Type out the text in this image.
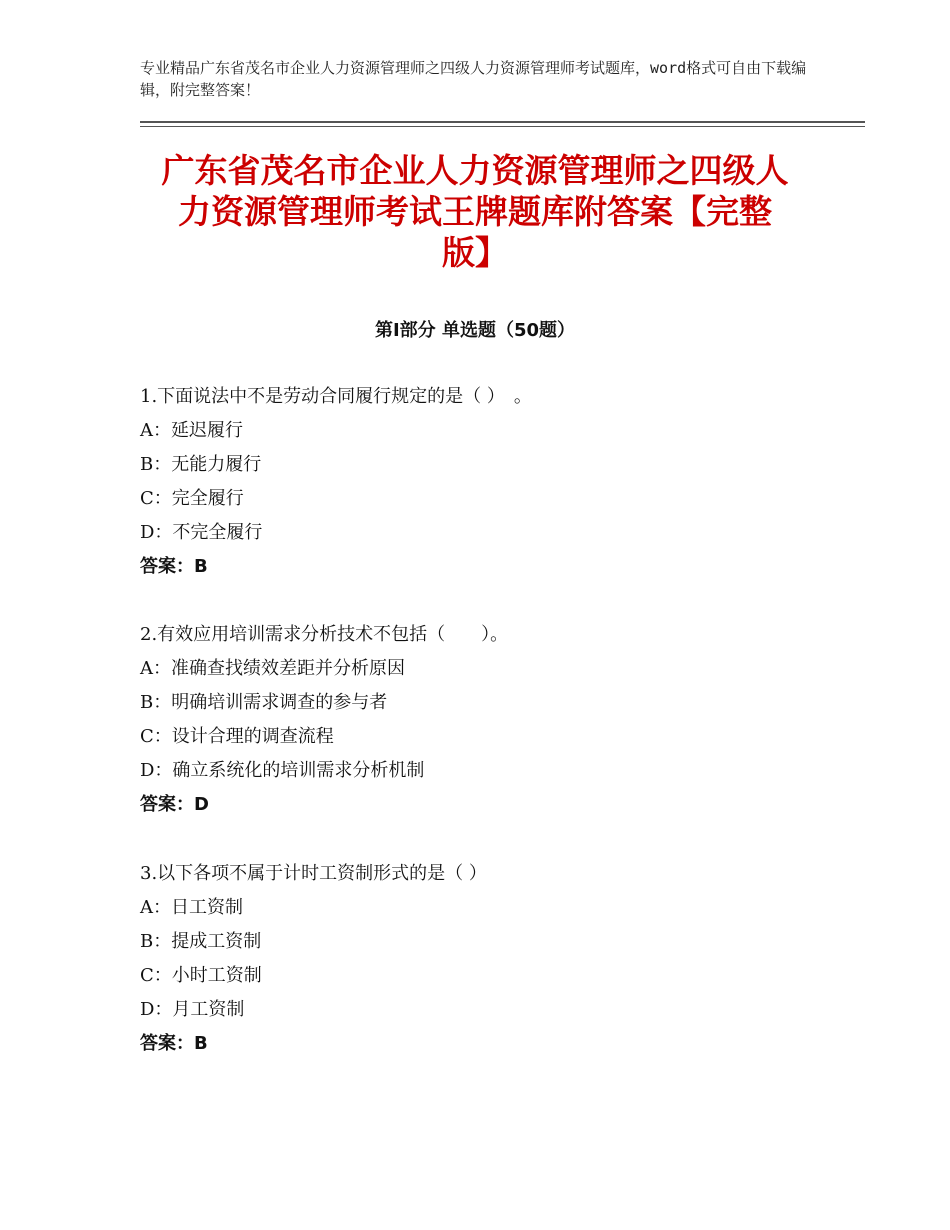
专业精品广东省茂名市企业人力资源管理师之四级人力资源管理师考试题库，word格式可自由下载编辑，附完整答案！
广东省茂名市企业人力资源管理师之四级人
力资源管理师考试王牌题库附答案【完整
版】
第Ⅰ部分 单选题（50题）
1.下面说法中不是劳动合同履行规定的是（ ）　。
A：延迟履行
B：无能力履行
C：完全履行
D：不完全履行
答案：B
2.有效应用培训需求分析技术不包括（　　）。
A：准确查找绩效差距并分析原因
B：明确培训需求调查的参与者
C：设计合理的调查流程
D：确立系统化的培训需求分析机制
答案：D
3.以下各项不属于计时工资制形式的是（ ）
A：日工资制
B：提成工资制
C：小时工资制
D：月工资制
答案：B
